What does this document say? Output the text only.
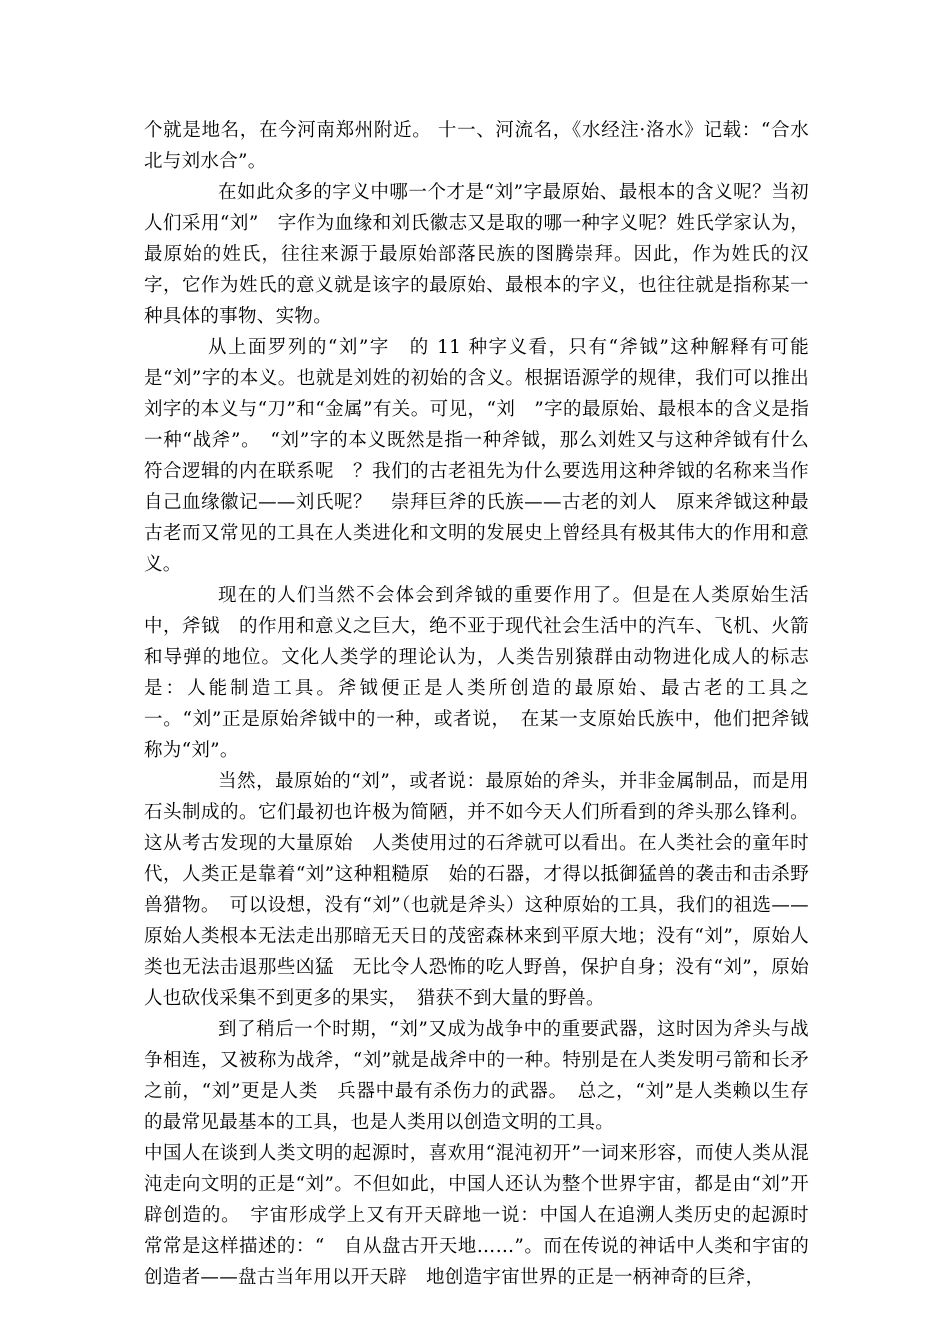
个就是地名，在今河南郑州附近。 十一、河流名，《水经注·洛水》记载：“合水北与刘水合”。

在如此众多的字义中哪一个才是“刘”字最原始、最根本的含义呢？当初人们采用“刘”　字作为血缘和刘氏徽志又是取的哪一种字义呢？姓氏学家认为，最原始的姓氏，往往来源于最原始部落民族的图腾崇拜。因此，作为姓氏的汉字，它作为姓氏的意义就是该字的最原始、最根本的字义，也往往就是指称某一种具体的事物、实物。

从上面罗列的“刘”字　的 11 种字义看，只有“斧钺”这种解释有可能是“刘”字的本义。也就是刘姓的初始的含义。根据语源学的规律，我们可以推出刘字的本义与“刀”和“金属”有关。可见，“刘　”字的最原始、最根本的含义是指一种“战斧”。　“刘”字的本义既然是指一种斧钺，那么刘姓又与这种斧钺有什么符合逻辑的内在联系呢　？我们的古老祖先为什么要选用这种斧钺的名称来当作自己血缘徽记——刘氏呢？　崇拜巨斧的氏族——古老的刘人　原来斧钺这种最古老而又常见的工具在人类进化和文明的发展史上曾经具有极其伟大的作用和意义。

现在的人们当然不会体会到斧钺的重要作用了。但是在人类原始生活中，斧钺　的作用和意义之巨大，绝不亚于现代社会生活中的汽车、飞机、火箭和导弹的地位。文化人类学的理论认为，人类告别猿群由动物进化成人的标志是：人能制造工具。斧钺便正是人类所创造的最原始、最古老的工具之一。“刘”正是原始斧钺中的一种，或者说，　在某一支原始氏族中，他们把斧钺称为“刘”。

当然，最原始的“刘”，或者说：最原始的斧头，并非金属制品，而是用石头制成的。它们最初也许极为简陋，并不如今天人们所看到的斧头那么锋利。这从考古发现的大量原始　人类使用过的石斧就可以看出。在人类社会的童年时代，人类正是靠着“刘”这种粗糙原　始的石器，才得以抵御猛兽的袭击和击杀野兽猎物。　可以设想，没有“刘”（也就是斧头）这种原始的工具，我们的祖选——原始人类根本无法走出那暗无天日的茂密森林来到平原大地；没有“刘”，原始人类也无法击退那些凶猛　无比令人恐怖的吃人野兽，保护自身；没有“刘”，原始人也砍伐采集不到更多的果实，　猎获不到大量的野兽。

到了稍后一个时期，“刘”又成为战争中的重要武器，这时因为斧头与战争相连，又被称为战斧，“刘”就是战斧中的一种。特别是在人类发明弓箭和长矛之前，“刘”更是人类　兵器中最有杀伤力的武器。　总之，“刘”是人类赖以生存的最常见最基本的工具，也是人类用以创造文明的工具。

中国人在谈到人类文明的起源时，喜欢用“混沌初开”一词来形容，而使人类从混沌走向文明的正是“刘”。不但如此，中国人还认为整个世界宇宙，都是由“刘”开辟创造的。　宇宙形成学上又有开天辟地一说：中国人在追溯人类历史的起源时常常是这样描述的：“　自从盘古开天地……”。而在传说的神话中人类和宇宙的创造者——盘古当年用以开天辟　地创造宇宙世界的正是一柄神奇的巨斧，
